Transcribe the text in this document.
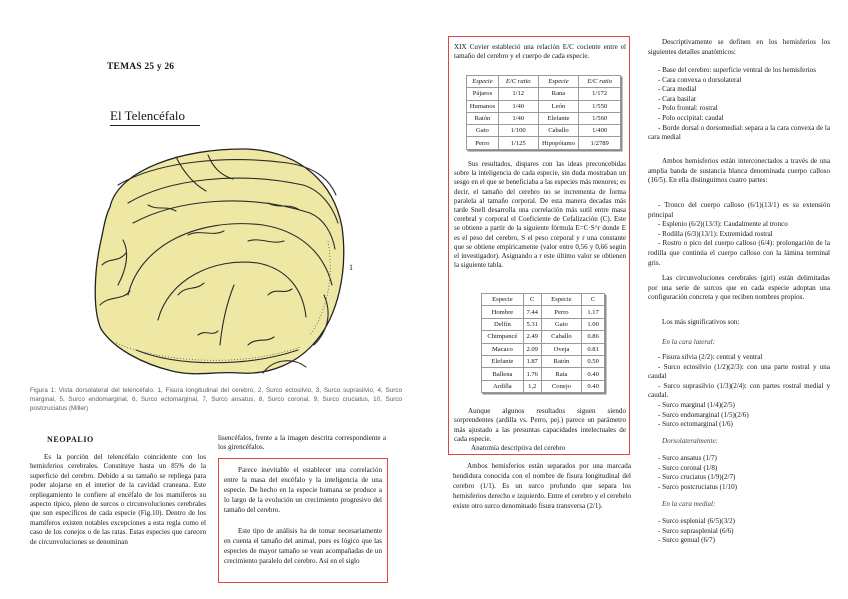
TEMAS 25 y 26
El Telencéfalo
1
Figura 1: Vista dorsolateral del telencéfalo. 1, Fisura longitudinal del cerebro, 2, Surco ectosilvio, 3, Surco suprasilvio, 4, Surco marginal, 5, Surco endomarginal, 6, Surco ectomarginal, 7, Surco ansatus, 8, Surco coronal, 9, Surco cruciatus, 10, Surco postcruciatus (Miller)
NEOPALIO

Es la porción del telencéfalo coincidente con los hemisferios cerebrales. Constituye hasta un 85% de la superficie del cerebro. Debido a su tamaño se repliega para poder alojarse en el interior de la cavidad craneana. Este repliegamiento le confiere al encéfalo de los mamíferos su aspecto típico, pleno de surcos o circunvoluciones cerebrales que son específicos de cada especie (Fig.10). Dentro de los mamíferos existen notables excepciones a esta regla como el caso de los conejos o de las ratas. Estas especies que carecen de circunvoluciones se denominan

lisencéfalos, frente a la imagen descrita correspondiente a los girencéfalos.

Parece inevitable el establecer una correlación entre la masa del encéfalo y la inteligencia de una especie. De hecho en la especie humana se produce a lo largo de la evolución un crecimiento progresivo del tamaño del cerebro.

Este tipo de análisis ha de tomar necesariamente en cuenta el tamaño del animal, pues es lógico que las especies de mayor tamaño se vean acompañadas de un crecimiento paralelo del cerebro. Así en el siglo

XIX Cuvier estableció una relación E/C cociente entre el tamaño del cerebro y el cuerpo de cada especie.

Especie	E/C ratio	Especie	E/C ratio
Pájaros	1/12	Rana	1/172
Humanos	1/40	León	1/550
Ratón	1/40	Elefante	1/560
Gato	1/100	Caballo	1/400
Perro	1/125	Hipopótamo	1/2789

Sus resultados, dispares con las ideas preconcebidas sobre la inteligencia de cada especie, sin duda mostraban un sesgo en el que se beneficiaba a las especies más menores; es decir, el tamaño del cerebro no se incrementa de forma paralela al tamaño corporal. De esta manera decadas más tarde Snell desarrolla una correlación más sutil entre masa cerebral y corporal el Coeficiente de Cefalización (C). Este se obtiene a partir de la siguiente fórmula E=C·S^r donde E es el peso del cerebro, S el peso corporal y r una constante que se obtiene empíricamente (valor entre 0,56 y 0,66 según el investigador). Asignando a r este último valor se obtienen la siguiente tabla.

Especie	C	Especie	C
Hombre	7.44	Perro	1.17
Delfín	5.31	Gato	1.00
Chimpancé	2.49	Caballo	0.86
Macaco	2.09	Oveja	0.81
Elefante	1.87	Ratón	0.50
Ballena	1.76	Rata	0.40
Ardilla	1,2	Conejo	0.40

Aunque algunos resultados siguen siendo sorprendentes (ardilla vs. Perro, pej.) parece un parámetro más ajustado a las presuntas capacidades intelectuales de cada especie.

Anatomía descriptiva del cerebro

Ambos hemisferios están separados por una marcada hendidura conocida con el nombre de fisura longitudinal del cerebro (1/1). Es un surco profundo que separa los hemisferios derecho e izquierdo. Entre el cerebro y el cerebelo existe otro surco denominado fisura transversa (2/1).

Descriptivamente se definen en los hemisferios los siguientes detalles anatómicos:

- Base del cerebro: superficie ventral de los hemisferios

- Cara convexa o dorsolateral

- Cara medial

- Cara basilar

- Polo frontal: rostral

- Polo occipital: caudal

- Borde dorsal o dorsomedial: separa a la cara convexa de la cara medial

Ambos hemisferios están interconectados a través de una amplia banda de sustancia blanca denominada cuerpo calloso (16/5). En ella distinguimos cuatro partes:

- Tronco del cuerpo calloso (6/1)(13/1) es su extensión principal

- Esplenio (6/2)(13/3): Caudalmente al tronco

- Rodilla (6/3)(13/1): Extremidad rostral

- Rostro o pico del cuerpo calloso (6/4): prolongación de la rodilla que continúa el cuerpo calloso con la lámina terminal gris.

Las circunvoluciones cerebrales (giri) están delimitadas por una serie de surcos que en cada especie adoptan una configuración concreta y que reciben nombres propios.

Los más significativos son:
En la cara lateral:

- Fisura silvia (2/2): central y ventral

- Surco ectosilvio (1/2)(2/3): con una parte rostral y una caudal

- Surco suprasilvio (1/3)(2/4): con partes rostral medial y caudal.

- Surco marginal (1/4)(2/5)

- Surco endomarginal (1/5)(2/6)

- Surco ectomarginal (1/6)

Dorsolateralmente:

- Surco ansatus (1/7)

- Surco coronal (1/8)

- Surco cruciatus (1/9)(2/7)

- Surco postcruciatus (1/10)

En la cara medial:

- Surco esplenial (6/5)(3/2)

- Surco suprasplenial (6/6)

- Surco genual (6/7)
